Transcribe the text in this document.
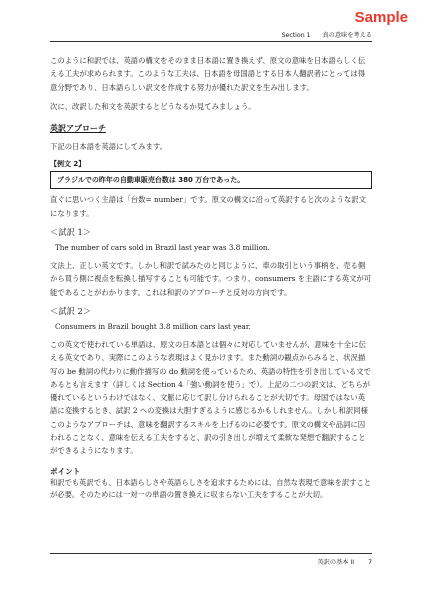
Sample
Section 1 真の意味を考える

このように和訳では、英語の構文をそのまま日本語に置き換えず、原文の意味を日本語らしく伝える工夫が求められます。このような工夫は、日本語を母国語とする日本人翻訳者にとっては得意分野であり、日本語らしい訳文を作成する努力が優れた訳文を生み出します。

次に、改訳した和文を英訳するとどうなるか見てみましょう。

英訳アプローチ

下記の日本語を英語にしてみます。

【例文 2】
ブラジルでの昨年の自動車販売台数は 380 万台であった。

直ぐに思いつく主語は「台数= number」です。原文の構文に沿って英訳すると次のような訳文になります。

＜試訳 1＞
The number of cars sold in Brazil last year was 3.8 million.

文法上、正しい英文です。しかし和訳で試みたのと同じように、車の取引という事柄を、売る側から買う側に視点を転換し描写することも可能です。つまり、consumers を主語にする英文が可能であることがわかります。これは和訳のアプローチと反対の方向です。

＜試訳 2＞
Consumers in Brazil bought 3.8 million cars last year.

この英文で使われている単語は、原文の日本語とは個々に対応していませんが、意味を十全に伝える英文であり、実際にこのような表現はよく見かけます。また動詞の観点からみると、状況描写の be 動詞の代わりに動作描写の do 動詞を使っているため、英語の特性を引き出している文であるとも言えます（詳しくは Section 4「強い動詞を使う」で）。上記の二つの訳文は、どちらが優れているというわけではなく、文脈に応じて訳し分けられることが大切です。母国ではない英語に変換するとき、試訳 2 への変換は大胆すぎるように感じるかもしれません。しかし和訳同様このようなアプローチは、意味を翻訳するスキルを上げるのに必要です。原文の構文や品詞に囚われることなく、意味を伝える工夫をすると、訳の引き出しが増えて柔軟な発想で翻訳することができるようになります。

ポイント
和訳でも英訳でも、日本語らしさや英語らしさを追求するためには、自然な表現で意味を訳すことが必要。そのためには一対一の単語の置き換えに収まらない工夫をすることが大切。
英訳の基本 II 7
